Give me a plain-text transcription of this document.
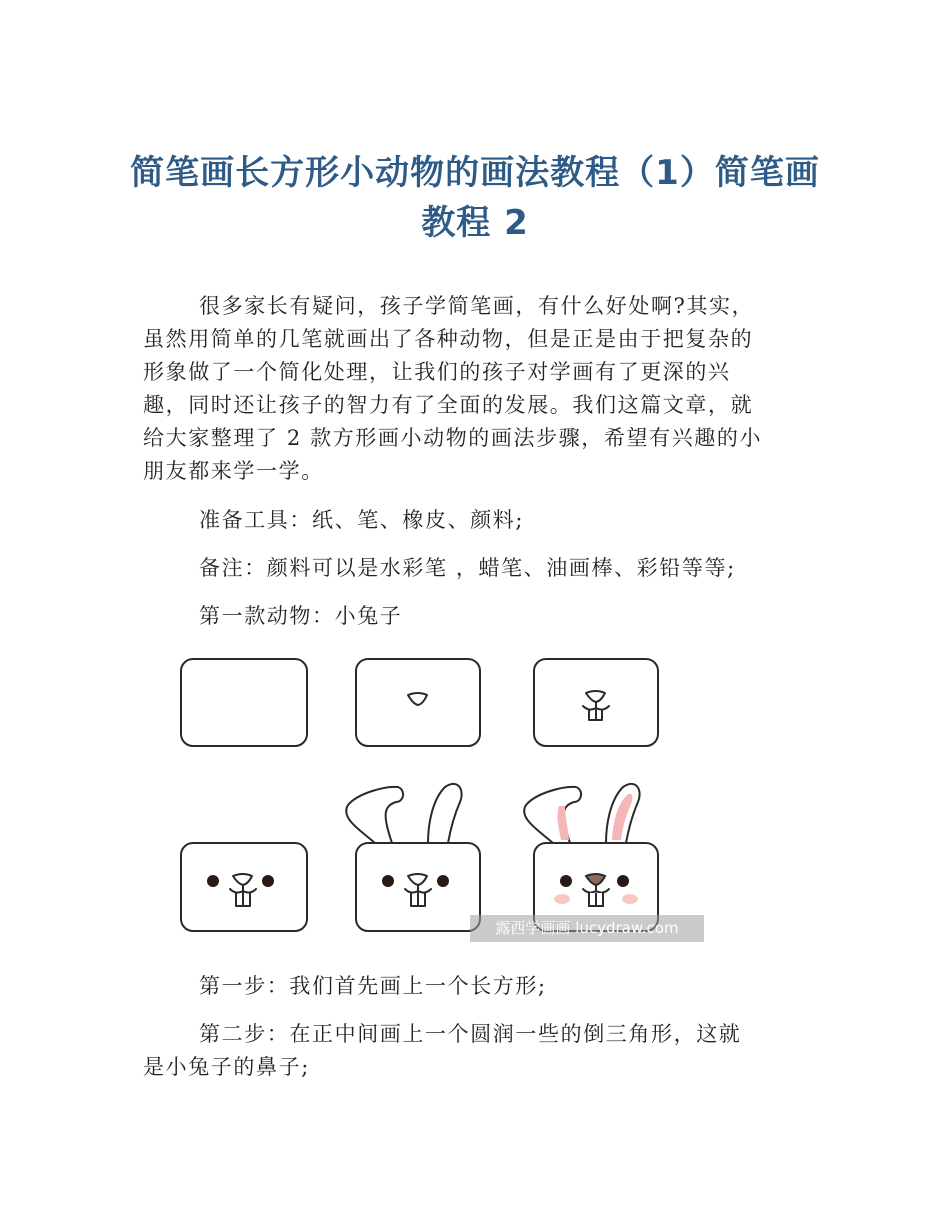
简笔画长方形小动物的画法教程（1）简笔画
教程 2
很多家长有疑问，孩子学简笔画，有什么好处啊?其实，
虽然用简单的几笔就画出了各种动物，但是正是由于把复杂的
形象做了一个简化处理，让我们的孩子对学画有了更深的兴
趣，同时还让孩子的智力有了全面的发展。我们这篇文章，就
给大家整理了 2 款方形画小动物的画法步骤，希望有兴趣的小
朋友都来学一学。
准备工具：纸、笔、橡皮、颜料;
备注：颜料可以是水彩笔 ，蜡笔、油画棒、彩铅等等;
第一款动物：小兔子
露西学画画 lucydraw.com
第一步：我们首先画上一个长方形;
第二步：在正中间画上一个圆润一些的倒三角形，这就
是小兔子的鼻子;
